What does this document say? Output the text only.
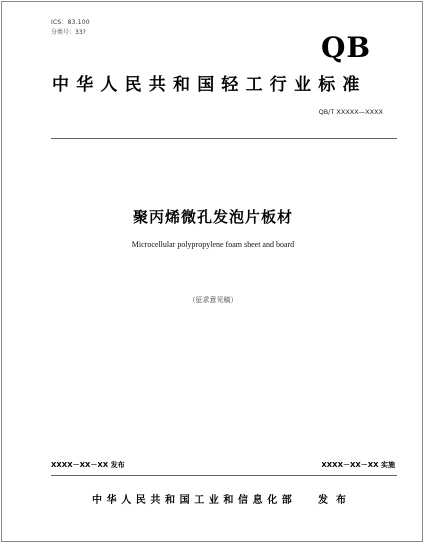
ICS：83.100
分类号：33?	QB
中华人民共和国轻工行业标准
QB/T XXXXX—XXXX
聚丙烯微孔发泡片板材
Microcellular polypropylene foam sheet and board
（征求意见稿）
XXXX－XX－XX 发布	XXXX－XX－XX 实施
中华人民共和国工业和信息化部 发布
